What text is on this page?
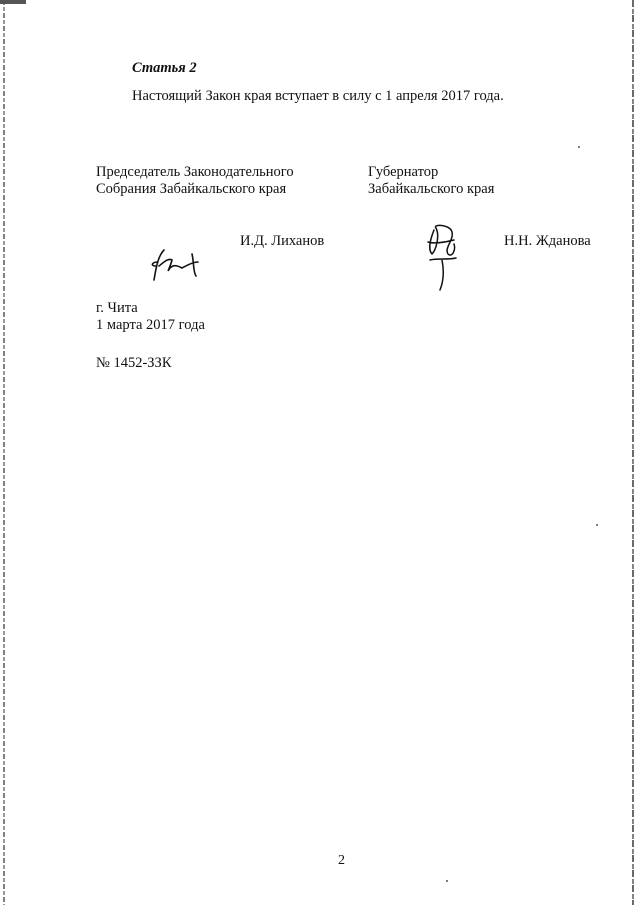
Статья 2
Настоящий Закон края вступает в силу с 1 апреля 2017 года.
Председатель Законодательного
Собрания Забайкальского края
Губернатор
Забайкальского края
И.Д. Лиханов	Н.Н. Жданова
г. Чита
1 марта 2017 года
№ 1452-ЗЗК
2
